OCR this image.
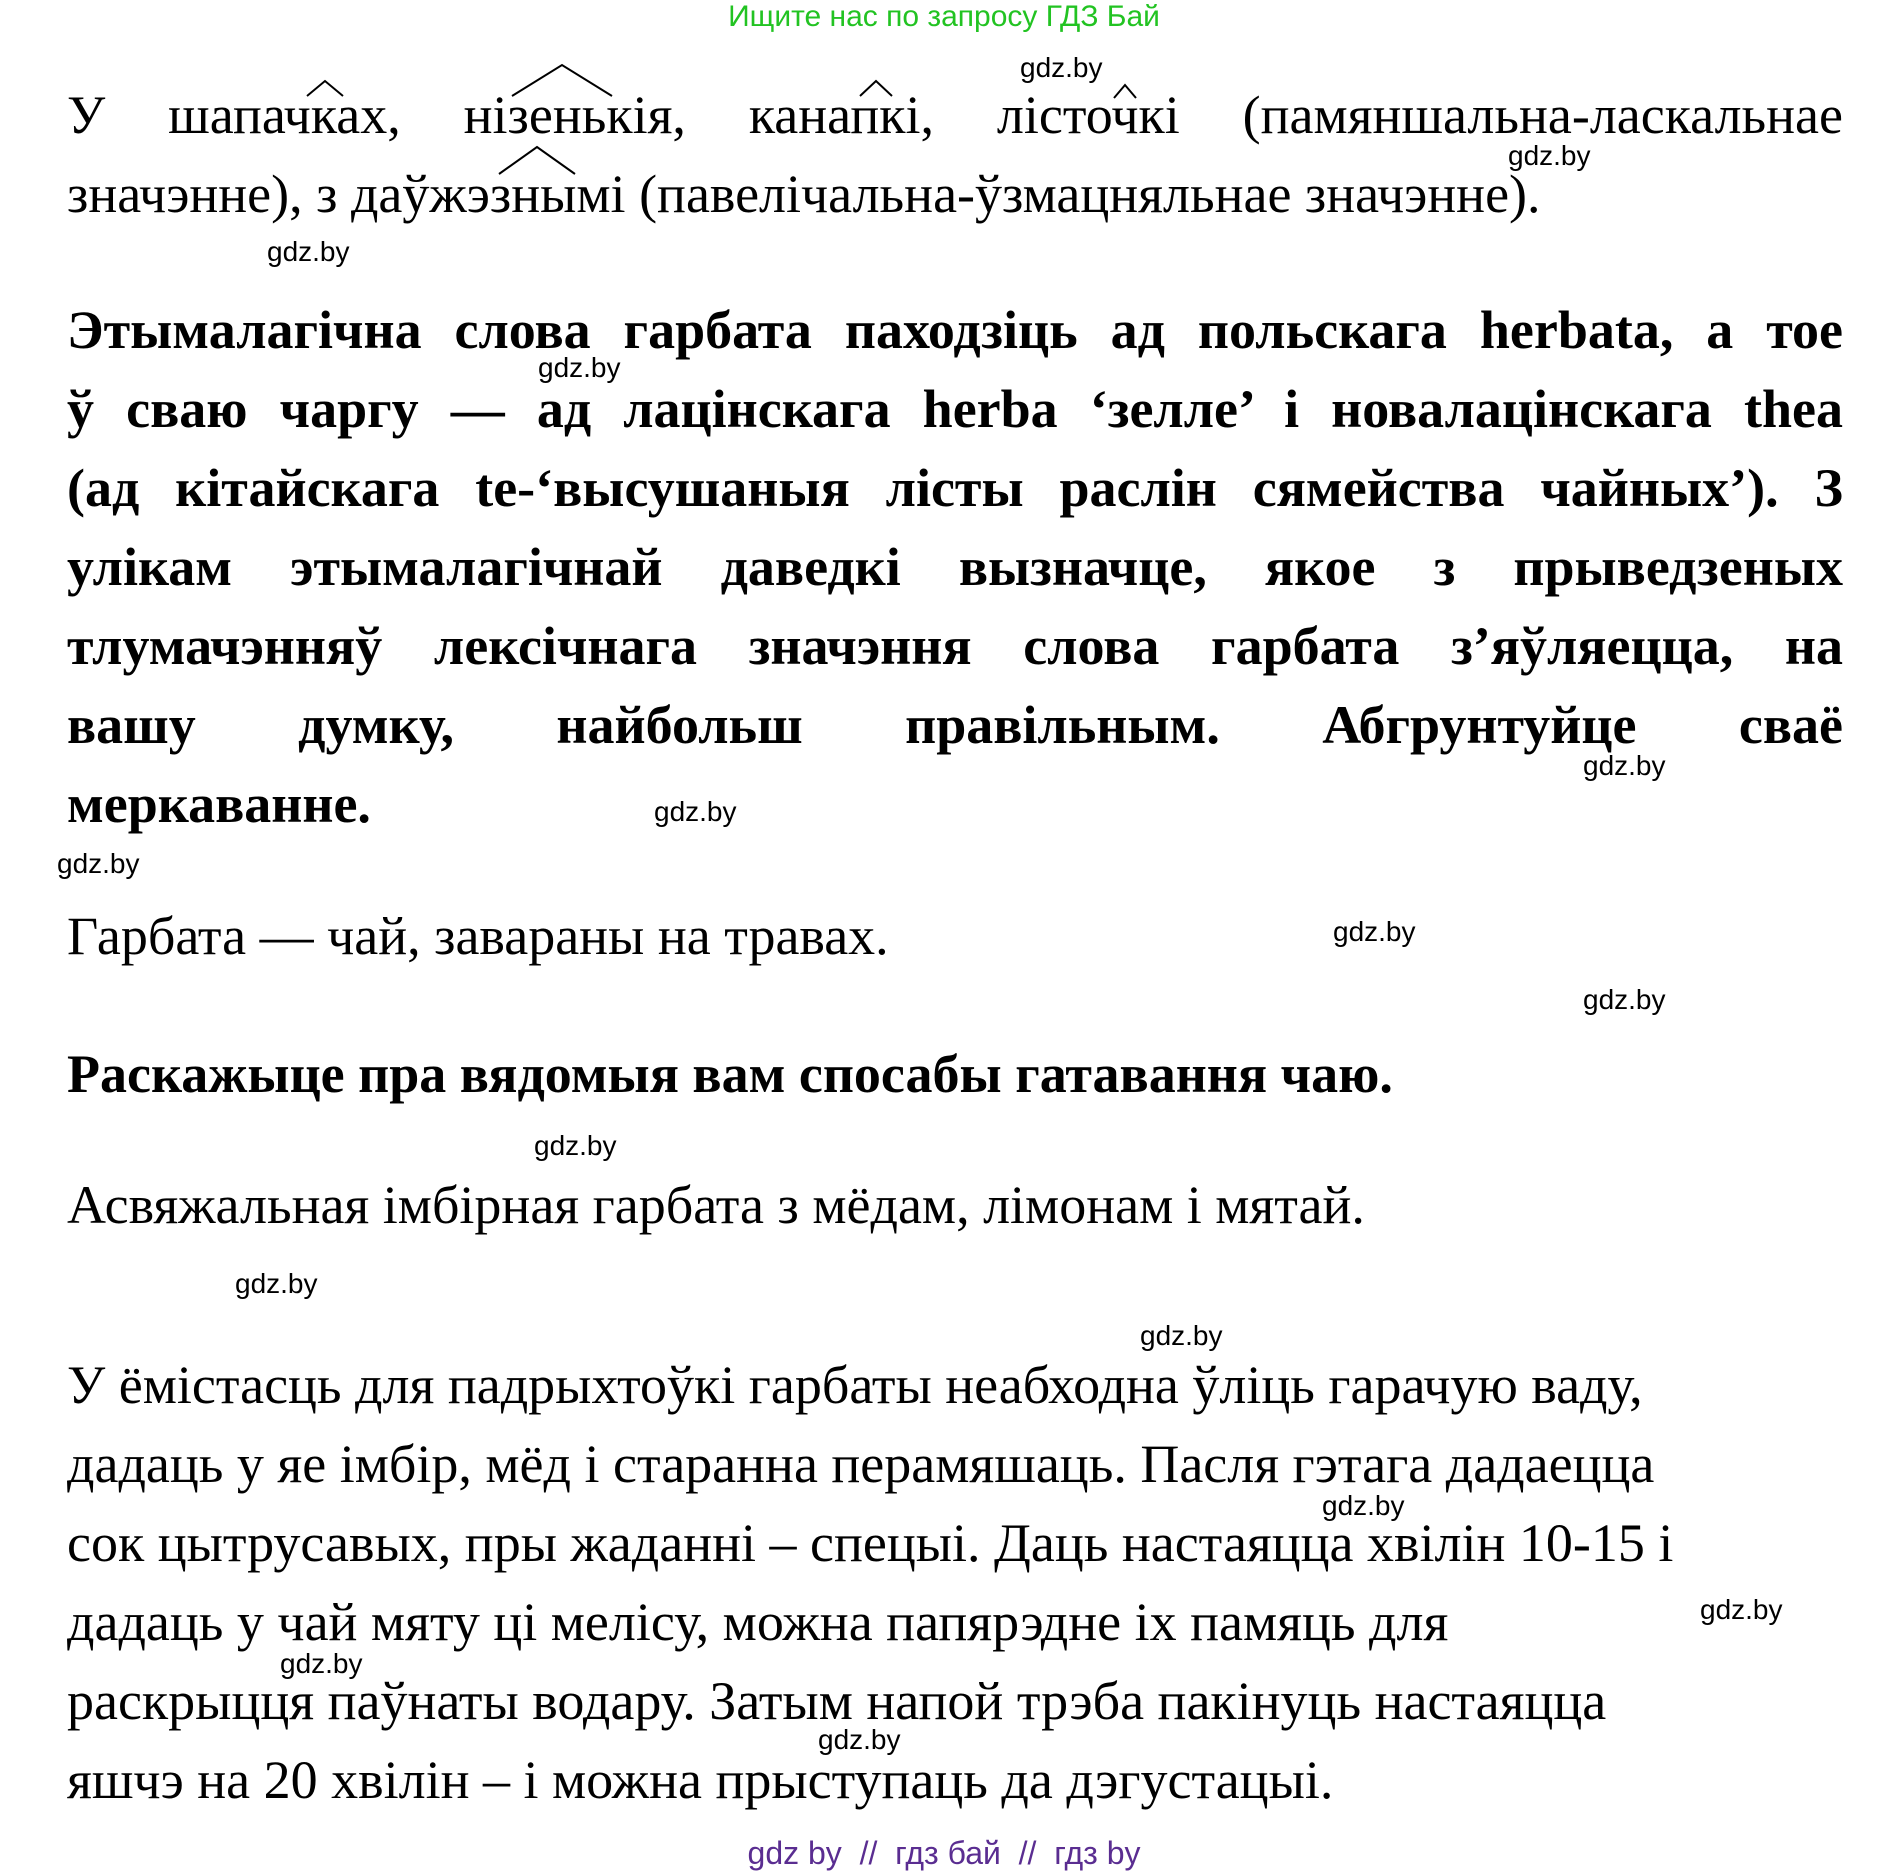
Ищите нас по запросу ГДЗ Бай
У шапачках, нізенькія, канапкі, лісточкі (памяншальна-ласкальнае
значэнне), з даўжэзнымі (павелічальна-ўзмацняльнае значэнне).
Этымалагічна слова гарбата паходзіць ад польскага herbata, а тое
ў сваю чаргу — ад лацінскага herba ‘зелле’ і новалацінскага thea
(ад кітайскага te-‘высушаныя лісты раслін сямейства чайных’). З
улікам этымалагічнай даведкі вызначце, якое з прыведзеных
тлумачэнняў лексічнага значэння слова гарбата з’яўляецца, на
вашу думку, найбольш правільным. Абгрунтуйце сваё
меркаванне.
Гарбата — чай, завараны на травах.
Раскажыце пра вядомыя вам спосабы гатавання чаю.
Асвяжальная імбірная гарбата з мёдам, лімонам і мятай.
У ёмістасць для падрыхтоўкі гарбаты неабходна ўліць гарачую ваду,
дадаць у яе імбір, мёд і старанна перамяшаць. Пасля гэтага дадаецца
сок цытрусавых, пры жаданні – спецыі. Даць настаяцца хвілін 10-15 і
дадаць у чай мяту ці мелісу, можна папярэдне іх памяць для
раскрыцця паўнаты водару. Затым напой трэба пакінуць настаяцца
яшчэ на 20 хвілін – і можна прыступаць да дэгустацыі.
gdz.by
gdz.by
gdz.by
gdz.by
gdz.by
gdz.by
gdz.by
gdz.by
gdz.by
gdz.by
gdz.by
gdz.by
gdz.by
gdz.by
gdz.by
gdz.by
gdz by  //  гдз бай  //  гдз by
